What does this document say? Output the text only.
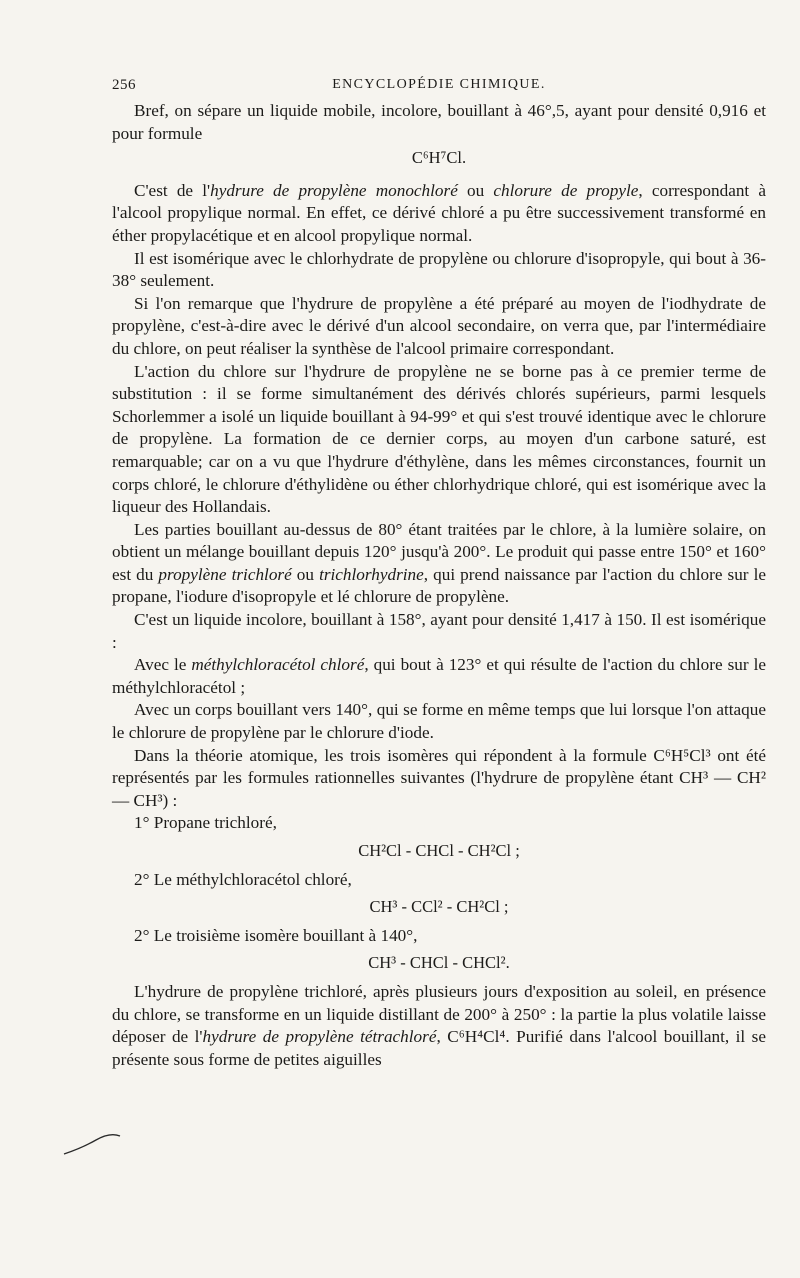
256	ENCYCLOPÉDIE CHIMIQUE.

Bref, on sépare un liquide mobile, incolore, bouillant à 46°,5, ayant pour densité 0,916 et pour formule

C⁶H⁷Cl.

C'est de l'hydrure de propylène monochloré ou chlorure de propyle, correspondant à l'alcool propylique normal. En effet, ce dérivé chloré a pu être successivement transformé en éther propylacétique et en alcool propylique normal.

Il est isomérique avec le chlorhydrate de propylène ou chlorure d'isopropyle, qui bout à 36-38° seulement.

Si l'on remarque que l'hydrure de propylène a été préparé au moyen de l'iodhydrate de propylène, c'est-à-dire avec le dérivé d'un alcool secondaire, on verra que, par l'intermédiaire du chlore, on peut réaliser la synthèse de l'alcool primaire correspondant.

L'action du chlore sur l'hydrure de propylène ne se borne pas à ce premier terme de substitution : il se forme simultanément des dérivés chlorés supérieurs, parmi lesquels Schorlemmer a isolé un liquide bouillant à 94-99° et qui s'est trouvé identique avec le chlorure de propylène. La formation de ce dernier corps, au moyen d'un carbone saturé, est remarquable; car on a vu que l'hydrure d'éthylène, dans les mêmes circonstances, fournit un corps chloré, le chlorure d'éthylidène ou éther chlorhydrique chloré, qui est isomérique avec la liqueur des Hollandais.

Les parties bouillant au-dessus de 80° étant traitées par le chlore, à la lumière solaire, on obtient un mélange bouillant depuis 120° jusqu'à 200°. Le produit qui passe entre 150° et 160° est du propylène trichloré ou trichlorhydrine, qui prend naissance par l'action du chlore sur le propane, l'iodure d'isopropyle et lé chlorure de propylène.

C'est un liquide incolore, bouillant à 158°, ayant pour densité 1,417 à 150. Il est isomérique :

Avec le méthylchloracétol chloré, qui bout à 123° et qui résulte de l'action du chlore sur le méthylchloracétol ;

Avec un corps bouillant vers 140°, qui se forme en même temps que lui lorsque l'on attaque le chlorure de propylène par le chlorure d'iode.

Dans la théorie atomique, les trois isomères qui répondent à la formule C⁶H⁵Cl³ ont été représentés par les formules rationnelles suivantes (l'hydrure de propylène étant CH³ — CH² — CH³) :

1° Propane trichloré,

CH²Cl - CHCl - CH²Cl ;

2° Le méthylchloracétol chloré,

CH³ - CCl² - CH²Cl ;

2° Le troisième isomère bouillant à 140°,

CH³ - CHCl - CHCl².

L'hydrure de propylène trichloré, après plusieurs jours d'exposition au soleil, en présence du chlore, se transforme en un liquide distillant de 200° à 250° : la partie la plus volatile laisse déposer de l'hydrure de propylène tétrachloré, C⁶H⁴Cl⁴. Purifié dans l'alcool bouillant, il se présente sous forme de petites aiguilles
